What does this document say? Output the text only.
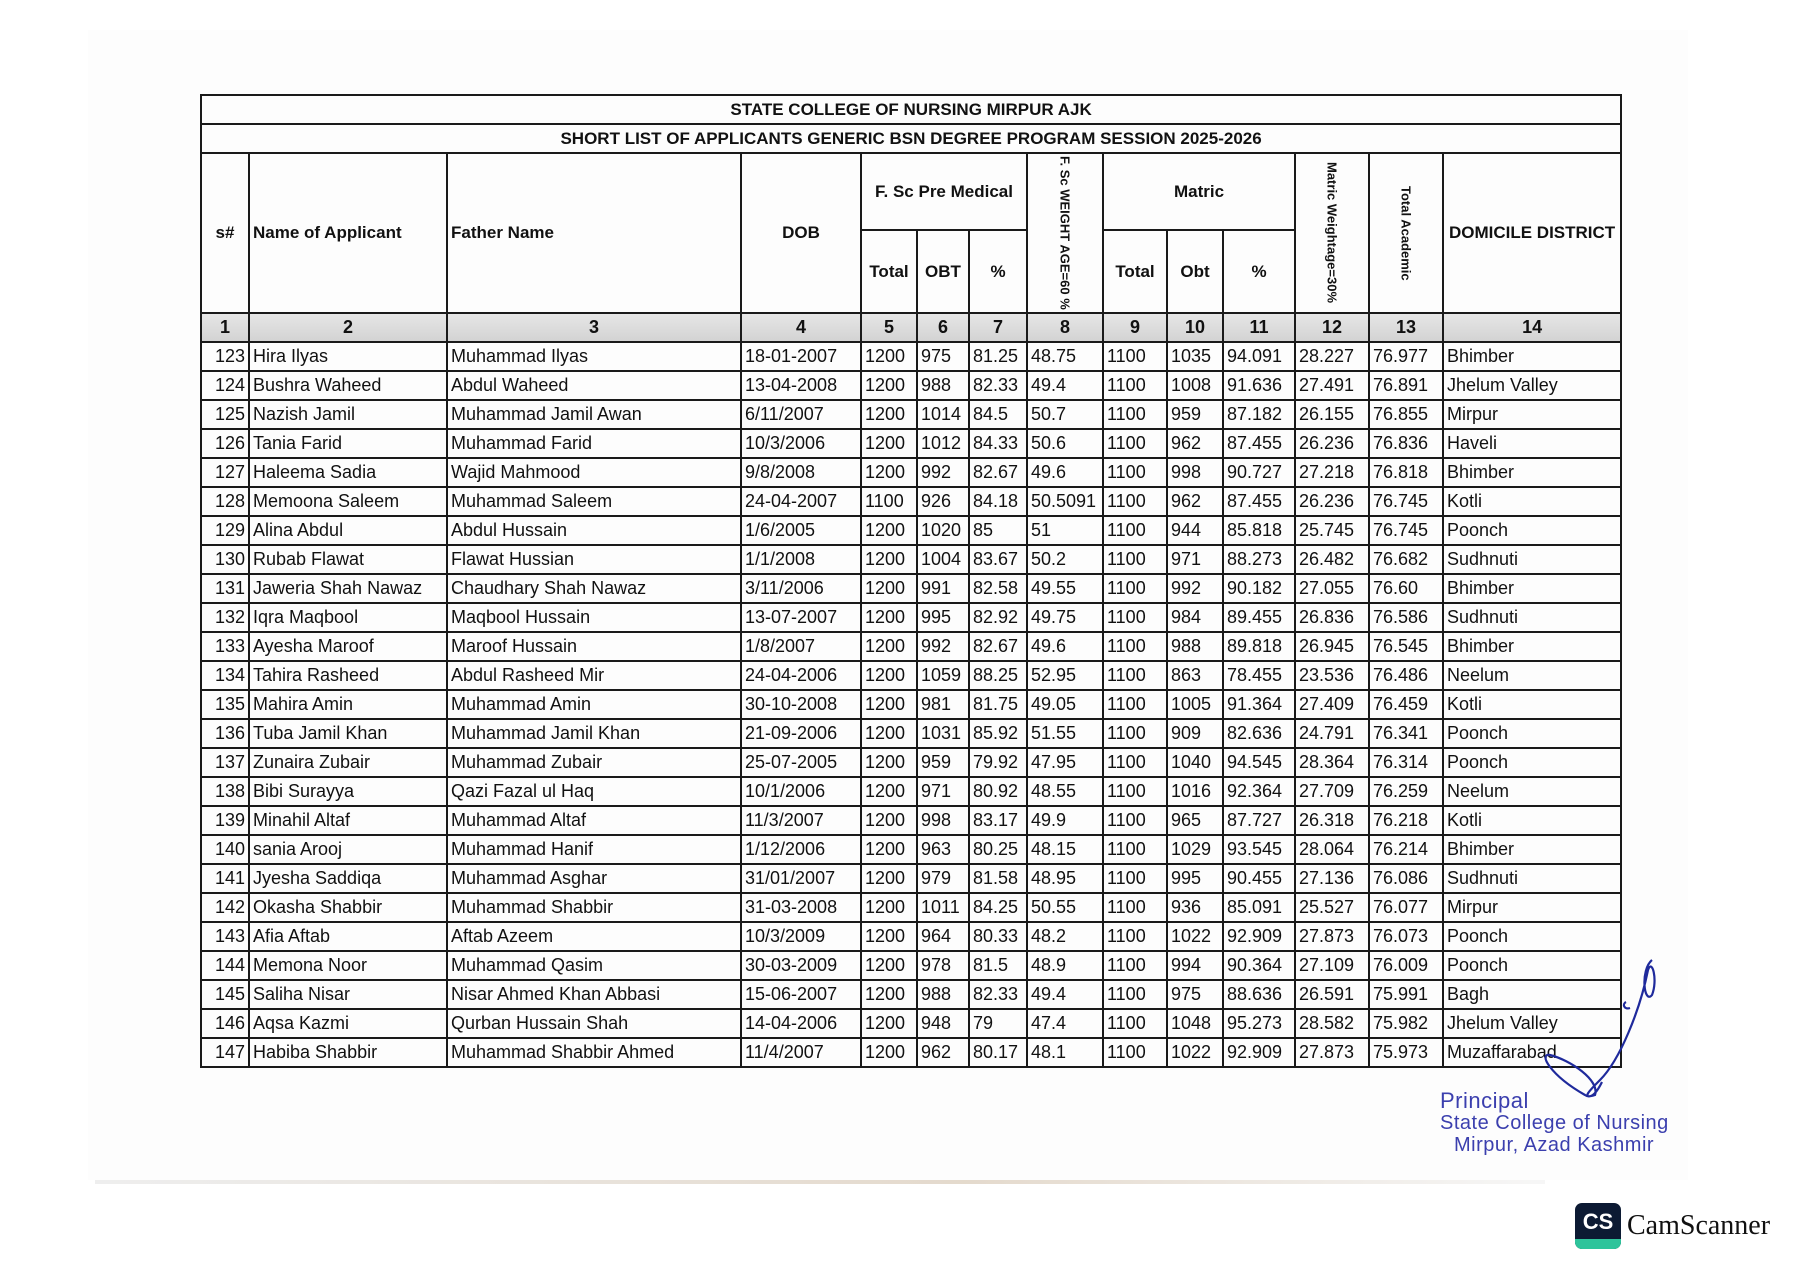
STATE COLLEGE OF NURSING MIRPUR AJK													
SHORT LIST OF APPLICANTS GENERIC BSN DEGREE PROGRAM SESSION 2025-2026													
s#	Name of Applicant	Father Name	DOB	F. Sc Pre Medical			F. Sc WEIGHT AGE=60 %	Matric			Matric Weightage=30%	Total Academic	DOMICILE DISTRICT
				Total	OBT	%		Total	Obt	%			
1	2	3	4	5	6	7	8	9	10	11	12	13	14
123	Hira Ilyas	Muhammad Ilyas	18-01-2007	1200	975	81.25	48.75	1100	1035	94.091	28.227	76.977	Bhimber
124	Bushra Waheed	Abdul Waheed	13-04-2008	1200	988	82.33	49.4	1100	1008	91.636	27.491	76.891	Jhelum Valley
125	Nazish Jamil	Muhammad Jamil Awan	6/11/2007	1200	1014	84.5	50.7	1100	959	87.182	26.155	76.855	Mirpur
126	Tania Farid	Muhammad Farid	10/3/2006	1200	1012	84.33	50.6	1100	962	87.455	26.236	76.836	Haveli
127	Haleema Sadia	Wajid Mahmood	9/8/2008	1200	992	82.67	49.6	1100	998	90.727	27.218	76.818	Bhimber
128	Memoona Saleem	Muhammad Saleem	24-04-2007	1100	926	84.18	50.5091	1100	962	87.455	26.236	76.745	Kotli
129	Alina Abdul	Abdul Hussain	1/6/2005	1200	1020	85	51	1100	944	85.818	25.745	76.745	Poonch
130	Rubab Flawat	Flawat Hussian	1/1/2008	1200	1004	83.67	50.2	1100	971	88.273	26.482	76.682	Sudhnuti
131	Jaweria Shah Nawaz	Chaudhary Shah Nawaz	3/11/2006	1200	991	82.58	49.55	1100	992	90.182	27.055	76.60	Bhimber
132	Iqra Maqbool	Maqbool Hussain	13-07-2007	1200	995	82.92	49.75	1100	984	89.455	26.836	76.586	Sudhnuti
133	Ayesha Maroof	Maroof Hussain	1/8/2007	1200	992	82.67	49.6	1100	988	89.818	26.945	76.545	Bhimber
134	Tahira Rasheed	Abdul Rasheed Mir	24-04-2006	1200	1059	88.25	52.95	1100	863	78.455	23.536	76.486	Neelum
135	Mahira Amin	Muhammad Amin	30-10-2008	1200	981	81.75	49.05	1100	1005	91.364	27.409	76.459	Kotli
136	Tuba Jamil Khan	Muhammad Jamil Khan	21-09-2006	1200	1031	85.92	51.55	1100	909	82.636	24.791	76.341	Poonch
137	Zunaira Zubair	Muhammad Zubair	25-07-2005	1200	959	79.92	47.95	1100	1040	94.545	28.364	76.314	Poonch
138	Bibi Surayya	Qazi Fazal ul Haq	10/1/2006	1200	971	80.92	48.55	1100	1016	92.364	27.709	76.259	Neelum
139	Minahil Altaf	Muhammad Altaf	11/3/2007	1200	998	83.17	49.9	1100	965	87.727	26.318	76.218	Kotli
140	sania Arooj	Muhammad Hanif	1/12/2006	1200	963	80.25	48.15	1100	1029	93.545	28.064	76.214	Bhimber
141	Jyesha Saddiqa	Muhammad Asghar	31/01/2007	1200	979	81.58	48.95	1100	995	90.455	27.136	76.086	Sudhnuti
142	Okasha Shabbir	Muhammad Shabbir	31-03-2008	1200	1011	84.25	50.55	1100	936	85.091	25.527	76.077	Mirpur
143	Afia Aftab	Aftab Azeem	10/3/2009	1200	964	80.33	48.2	1100	1022	92.909	27.873	76.073	Poonch
144	Memona Noor	Muhammad Qasim	30-03-2009	1200	978	81.5	48.9	1100	994	90.364	27.109	76.009	Poonch
145	Saliha Nisar	Nisar Ahmed Khan Abbasi	15-06-2007	1200	988	82.33	49.4	1100	975	88.636	26.591	75.991	Bagh
146	Aqsa Kazmi	Qurban Hussain Shah	14-04-2006	1200	948	79	47.4	1100	1048	95.273	28.582	75.982	Jhelum Valley
147	Habiba Shabbir	Muhammad Shabbir Ahmed	11/4/2007	1200	962	80.17	48.1	1100	1022	92.909	27.873	75.973	Muzaffarabad
Principal
State College of Nursing
Mirpur, Azad Kashmir
CS CamScanner
